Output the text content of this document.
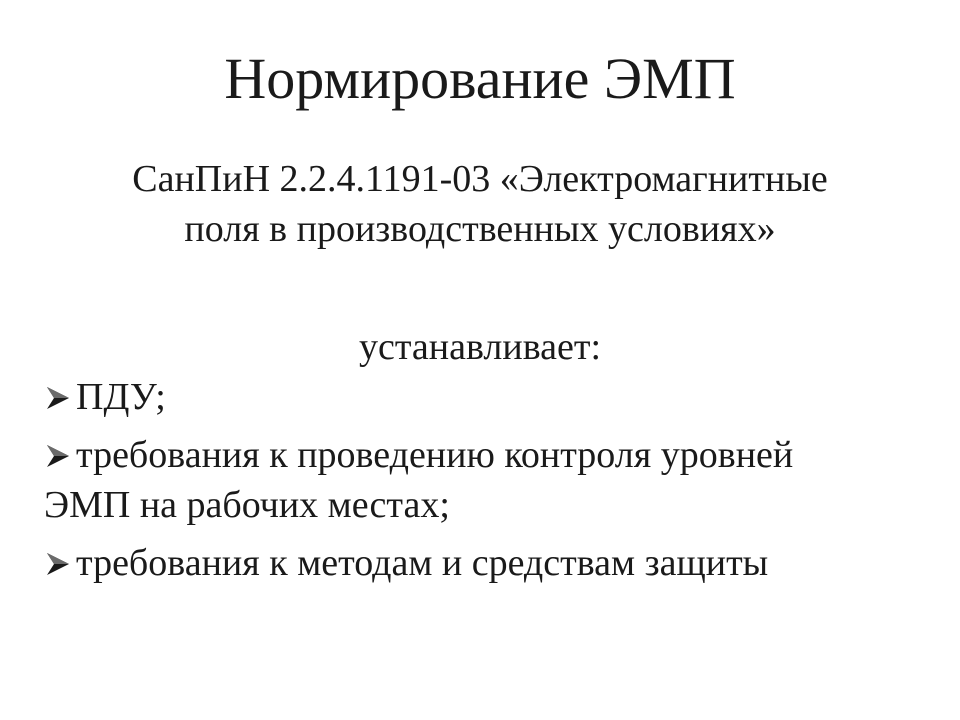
Нормирование ЭМП
СанПиН 2.2.4.1191-03 «Электромагнитные
поля в производственных условиях»
устанавливает:
ПДУ;
требования к проведению контроля уровней
ЭМП на рабочих местах;
требования к методам и средствам защиты
